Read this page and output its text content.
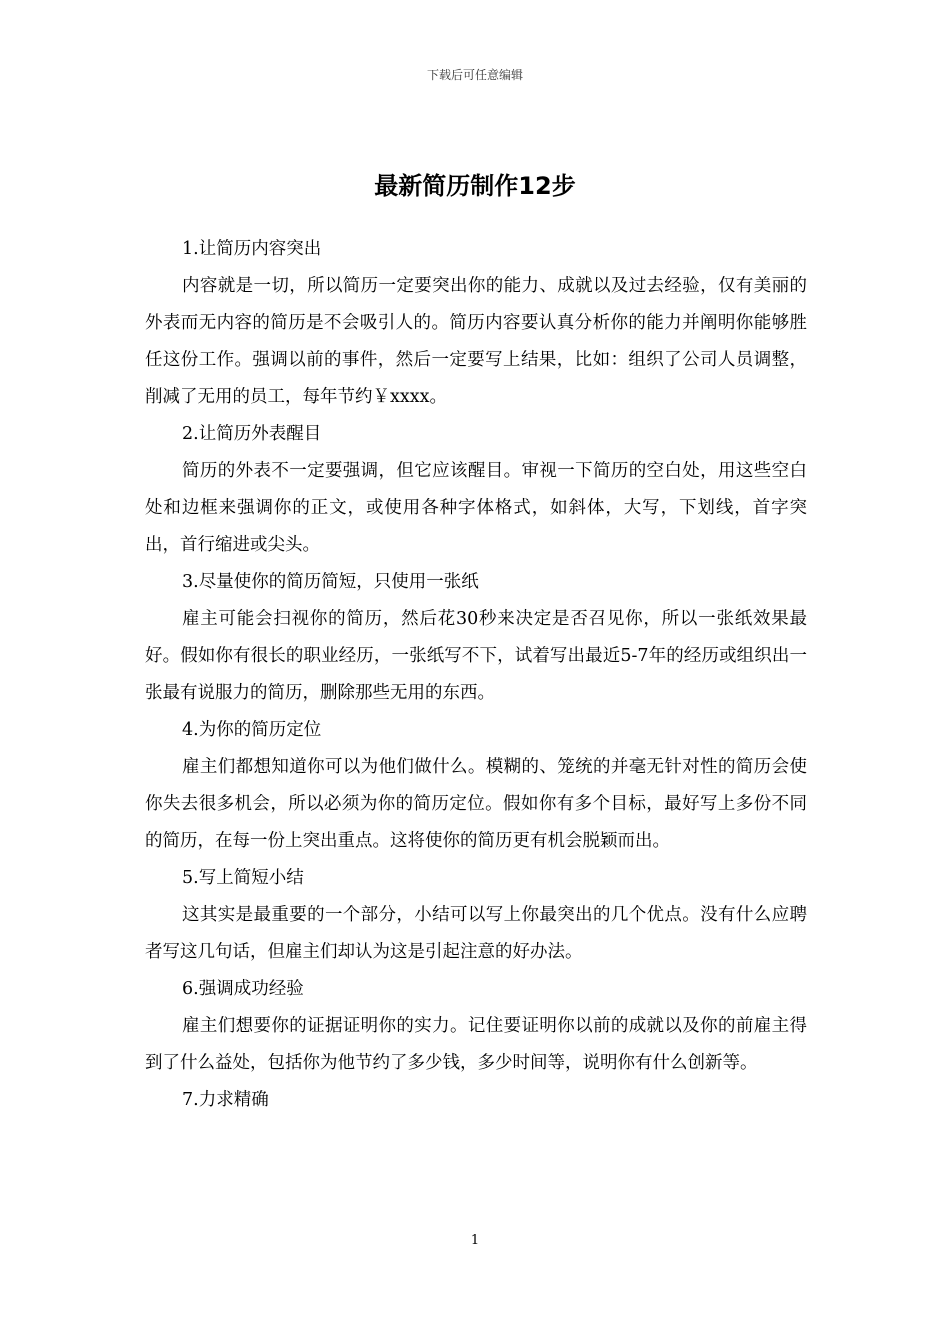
下载后可任意编辑
最新简历制作12步

1.让简历内容突出

内容就是一切，所以简历一定要突出你的能力、成就以及过去经验，仅有美丽的外表而无内容的简历是不会吸引人的。简历内容要认真分析你的能力并阐明你能够胜任这份工作。强调以前的事件，然后一定要写上结果，比如：组织了公司人员调整，削减了无用的员工，每年节约￥xxxx。

2.让简历外表醒目

简历的外表不一定要强调，但它应该醒目。审视一下简历的空白处，用这些空白处和边框来强调你的正文，或使用各种字体格式，如斜体，大写，下划线，首字突出，首行缩进或尖头。

3.尽量使你的简历简短，只使用一张纸

雇主可能会扫视你的简历，然后花30秒来决定是否召见你，所以一张纸效果最好。假如你有很长的职业经历，一张纸写不下，试着写出最近5-7年的经历或组织出一张最有说服力的简历，删除那些无用的东西。

4.为你的简历定位

雇主们都想知道你可以为他们做什么。模糊的、笼统的并毫无针对性的简历会使你失去很多机会，所以必须为你的简历定位。假如你有多个目标，最好写上多份不同的简历，在每一份上突出重点。这将使你的简历更有机会脱颖而出。

5.写上简短小结

这其实是最重要的一个部分，小结可以写上你最突出的几个优点。没有什么应聘者写这几句话，但雇主们却认为这是引起注意的好办法。

6.强调成功经验

雇主们想要你的证据证明你的实力。记住要证明你以前的成就以及你的前雇主得到了什么益处，包括你为他节约了多少钱，多少时间等，说明你有什么创新等。

7.力求精确

1
